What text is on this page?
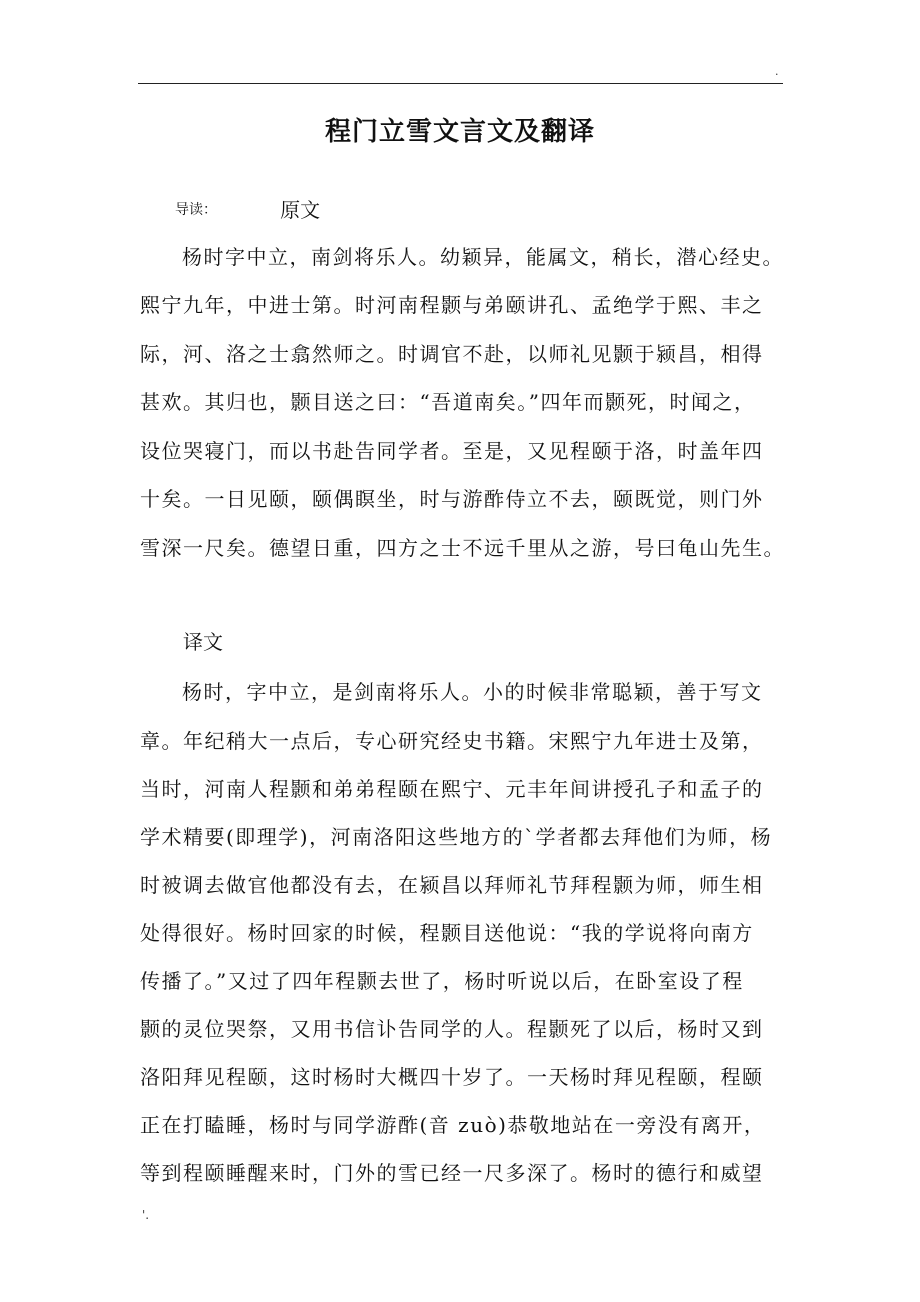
.
程门立雪文言文及翻译
导读：	原文
杨时字中立，南剑将乐人。幼颖异，能属文，稍长，潜心经史。
熙宁九年，中进士第。时河南程颢与弟颐讲孔、孟绝学于熙、丰之
际，河、洛之士翕然师之。时调官不赴，以师礼见颢于颍昌，相得
甚欢。其归也，颢目送之曰：“吾道南矣。”四年而颢死，时闻之，
设位哭寝门，而以书赴告同学者。至是，又见程颐于洛，时盖年四
十矣。一日见颐，颐偶瞑坐，时与游酢侍立不去，颐既觉，则门外
雪深一尺矣。德望日重，四方之士不远千里从之游，号曰龟山先生。
译文
杨时，字中立，是剑南将乐人。小的时候非常聪颖，善于写文
章。年纪稍大一点后，专心研究经史书籍。宋熙宁九年进士及第，
当时，河南人程颢和弟弟程颐在熙宁、元丰年间讲授孔子和孟子的
学术精要(即理学)，河南洛阳这些地方的`学者都去拜他们为师，杨
时被调去做官他都没有去，在颍昌以拜师礼节拜程颢为师，师生相
处得很好。杨时回家的时候，程颢目送他说：“我的学说将向南方
传播了。”又过了四年程颢去世了，杨时听说以后，在卧室设了程
颢的灵位哭祭，又用书信讣告同学的人。程颢死了以后，杨时又到
洛阳拜见程颐，这时杨时大概四十岁了。一天杨时拜见程颐，程颐
正在打瞌睡，杨时与同学游酢(音 zuò)恭敬地站在一旁没有离开，
等到程颐睡醒来时，门外的雪已经一尺多深了。杨时的德行和威望
'.
